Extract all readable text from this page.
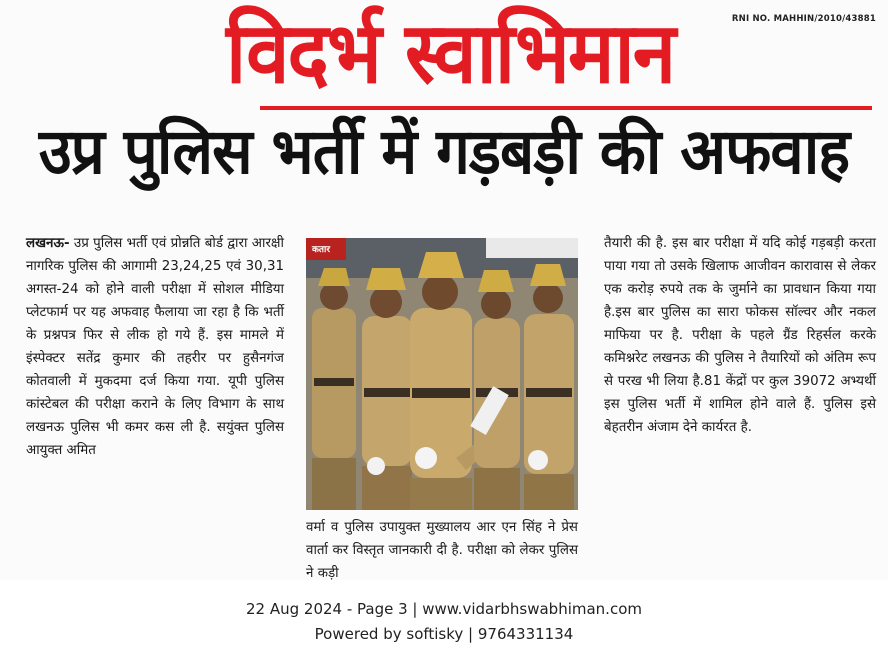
RNI NO. MAHHIN/2010/43881
विदर्भ स्वाभिमान
उप्र पुलिस भर्ती में गड़बड़ी की अफवाह
लखनऊ- उप्र पुलिस भर्ती एवं प्रोन्नति बोर्ड द्वारा आरक्षी नागरिक पुलिस की आगामी 23,24,25 एवं 30,31 अगस्त-24 को होने वाली परीक्षा में सोशल मीडिया प्लेटफार्म पर यह अफवाह फैलाया जा रहा है कि भर्ती के प्रश्नपत्र फिर से लीक हो गये हैं. इस मामले में इंस्पेक्टर सतेंद्र कुमार की तहरीर पर हुसैनगंज कोतवाली में मुकदमा दर्ज किया गया. यूपी पुलिस कांस्टेबल की परीक्षा कराने के लिए विभाग के साथ लखनऊ पुलिस भी कमर कस ली है. सयुंक्त पुलिस आयुक्त अमित
कतार
वर्मा व पुलिस उपायुक्त मुख्यालय आर एन सिंह ने प्रेस वार्ता कर विस्तृत जानकारी दी है. परीक्षा को लेकर पुलिस ने कड़ी
तैयारी की है. इस बार परीक्षा में यदि कोई गड़बड़ी करता पाया गया तो उसके खिलाफ आजीवन कारावास से लेकर एक करोड़ रुपये तक के जुर्माने का प्रावधान किया गया है.इस बार पुलिस का सारा फोकस सॉल्वर और नकल माफिया पर है. परीक्षा के पहले ग्रैंड रिहर्सल करके कमिश्नरेट लखनऊ की पुलिस ने तैयारियों को अंतिम रूप से परख भी लिया है.81 केंद्रों पर कुल 39072 अभ्यर्थी इस पुलिस भर्ती में शामिल होने वाले हैं. पुलिस इसे बेहतरीन अंजाम देने कार्यरत है.
22 Aug 2024 - Page 3 | www.vidarbhswabhiman.com
Powered by softisky | 9764331134
